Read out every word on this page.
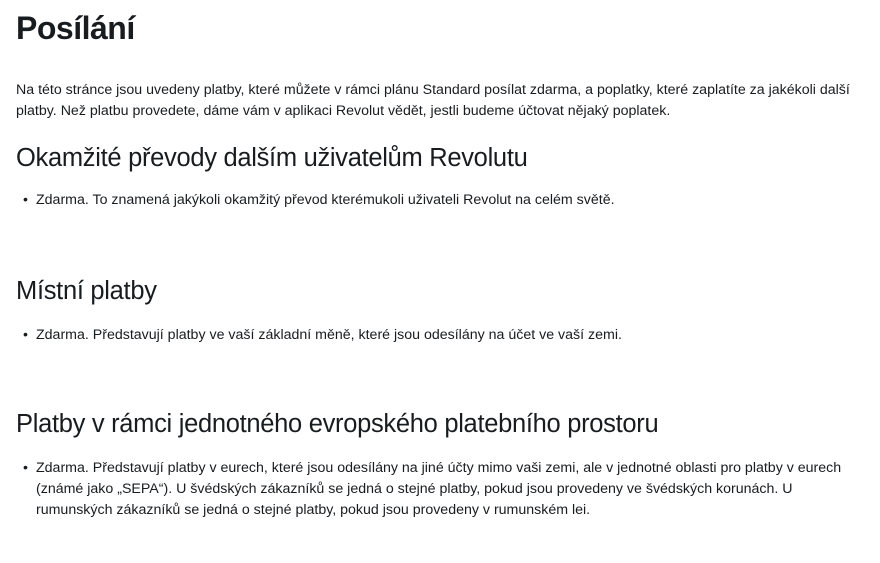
Posílání

Na této stránce jsou uvedeny platby, které můžete v rámci plánu Standard posílat zdarma, a poplatky, které zaplatíte za jakékoli další platby. Než platbu provedete, dáme vám v aplikaci Revolut vědět, jestli budeme účtovat nějaký poplatek.

Okamžité převody dalším uživatelům Revolutu
• Zdarma. To znamená jakýkoli okamžitý převod kterémukoli uživateli Revolut na celém světě.
Místní platby
• Zdarma. Představují platby ve vaší základní měně, které jsou odesílány na účet ve vaší zemi.
Platby v rámci jednotného evropského platebního prostoru
• Zdarma. Představují platby v eurech, které jsou odesílány na jiné účty mimo vaši zemi, ale v jednotné oblasti pro platby v eurech (známé jako „SEPA“). U švédských zákazníků se jedná o stejné platby, pokud jsou provedeny ve švédských korunách. U rumunských zákazníků se jedná o stejné platby, pokud jsou provedeny v rumunském lei.
